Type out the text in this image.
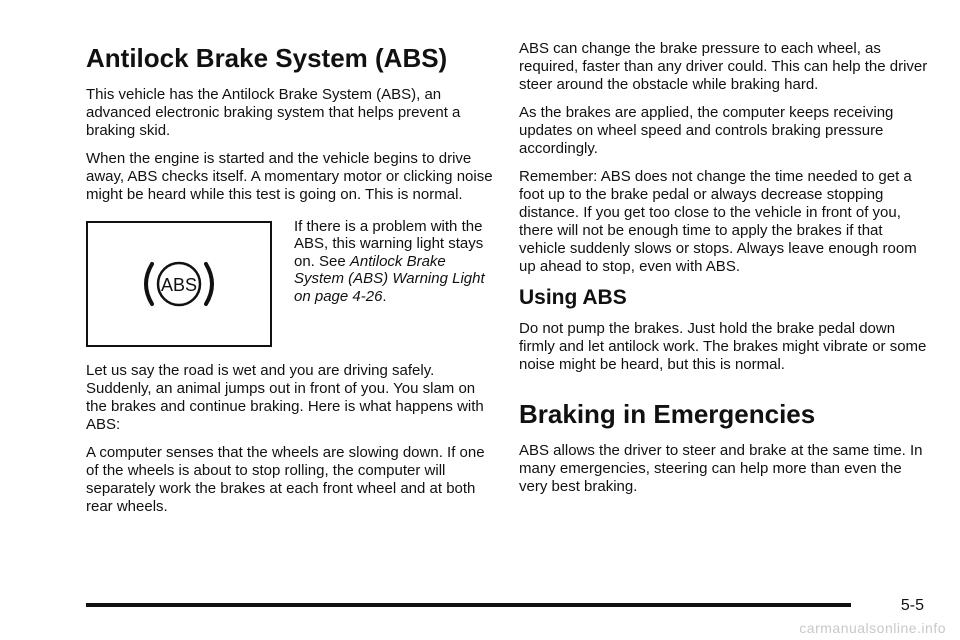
Antilock Brake System (ABS)

This vehicle has the Antilock Brake System (ABS), an advanced electronic braking system that helps prevent a braking skid.

When the engine is started and the vehicle begins to drive away, ABS checks itself. A momentary motor or clicking noise might be heard while this test is going on. This is normal.

ABS

If there is a problem with the ABS, this warning light stays on. See Antilock Brake System (ABS) Warning Light on page 4-26.

Let us say the road is wet and you are driving safely. Suddenly, an animal jumps out in front of you. You slam on the brakes and continue braking. Here is what happens with ABS:

A computer senses that the wheels are slowing down. If one of the wheels is about to stop rolling, the computer will separately work the brakes at each front wheel and at both rear wheels.

ABS can change the brake pressure to each wheel, as required, faster than any driver could. This can help the driver steer around the obstacle while braking hard.

As the brakes are applied, the computer keeps receiving updates on wheel speed and controls braking pressure accordingly.

Remember: ABS does not change the time needed to get a foot up to the brake pedal or always decrease stopping distance. If you get too close to the vehicle in front of you, there will not be enough time to apply the brakes if that vehicle suddenly slows or stops. Always leave enough room up ahead to stop, even with ABS.

Using ABS

Do not pump the brakes. Just hold the brake pedal down firmly and let antilock work. The brakes might vibrate or some noise might be heard, but this is normal.

Braking in Emergencies

ABS allows the driver to steer and brake at the same time. In many emergencies, steering can help more than even the very best braking.

5-5
carmanualsonline.info
